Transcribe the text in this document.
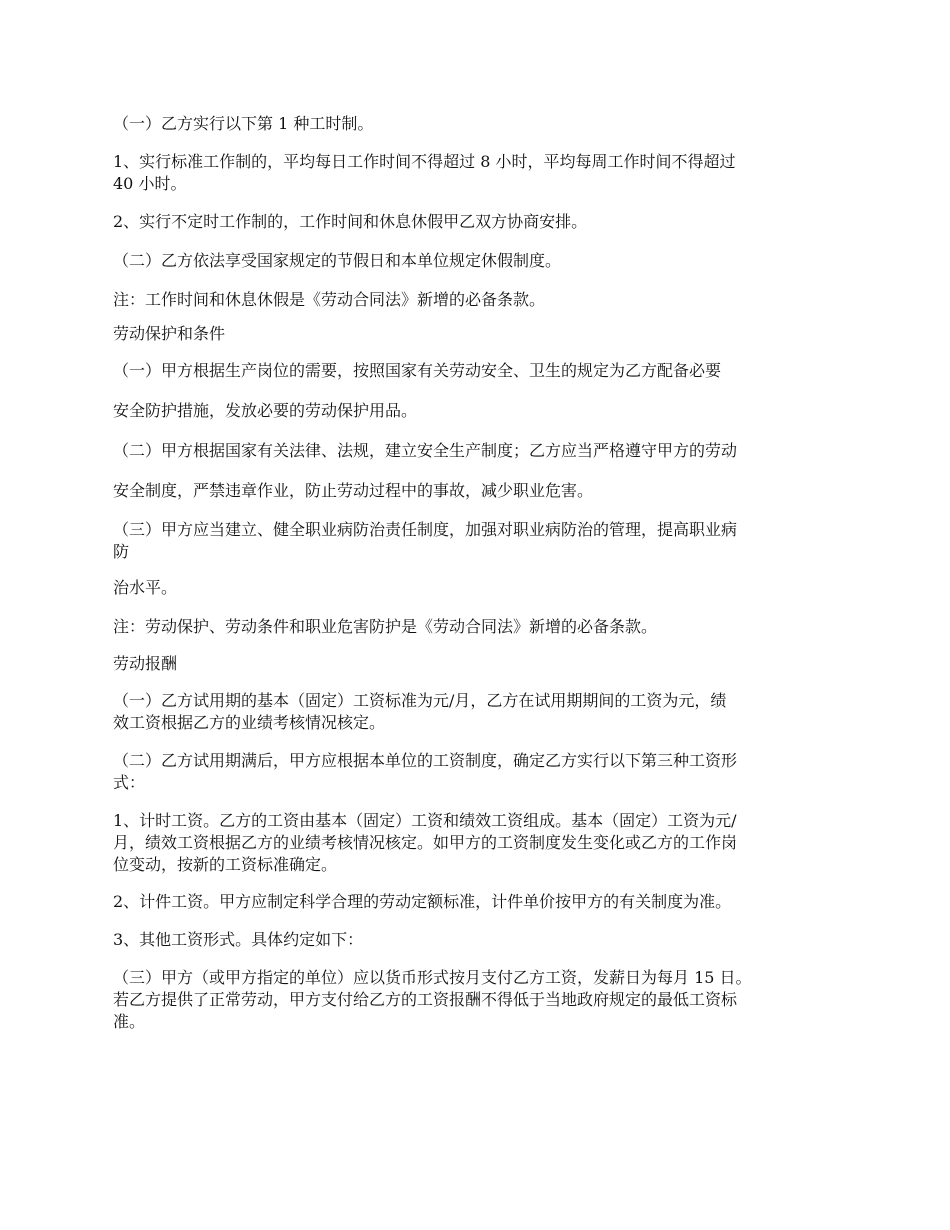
（一）乙方实行以下第 1 种工时制。

1、实行标准工作制的，平均每日工作时间不得超过 8 小时，平均每周工作时间不得超过
40 小时。

2、实行不定时工作制的，工作时间和休息休假甲乙双方协商安排。

（二）乙方依法享受国家规定的节假日和本单位规定休假制度。

注：工作时间和休息休假是《劳动合同法》新增的必备条款。

劳动保护和条件

（一）甲方根据生产岗位的需要，按照国家有关劳动安全、卫生的规定为乙方配备必要

安全防护措施，发放必要的劳动保护用品。

（二）甲方根据国家有关法律、法规，建立安全生产制度；乙方应当严格遵守甲方的劳动

安全制度，严禁违章作业，防止劳动过程中的事故，减少职业危害。

（三）甲方应当建立、健全职业病防治责任制度，加强对职业病防治的管理，提高职业病
防

治水平。

注：劳动保护、劳动条件和职业危害防护是《劳动合同法》新增的必备条款。

劳动报酬

（一）乙方试用期的基本（固定）工资标准为元/月，乙方在试用期期间的工资为元，绩
效工资根据乙方的业绩考核情况核定。

（二）乙方试用期满后，甲方应根据本单位的工资制度，确定乙方实行以下第三种工资形
式：

1、计时工资。乙方的工资由基本（固定）工资和绩效工资组成。基本（固定）工资为元/
月，绩效工资根据乙方的业绩考核情况核定。如甲方的工资制度发生变化或乙方的工作岗
位变动，按新的工资标准确定。

2、计件工资。甲方应制定科学合理的劳动定额标准，计件单价按甲方的有关制度为准。

3、其他工资形式。具体约定如下：

（三）甲方（或甲方指定的单位）应以货币形式按月支付乙方工资，发薪日为每月 15 日。
若乙方提供了正常劳动，甲方支付给乙方的工资报酬不得低于当地政府规定的最低工资标
准。
